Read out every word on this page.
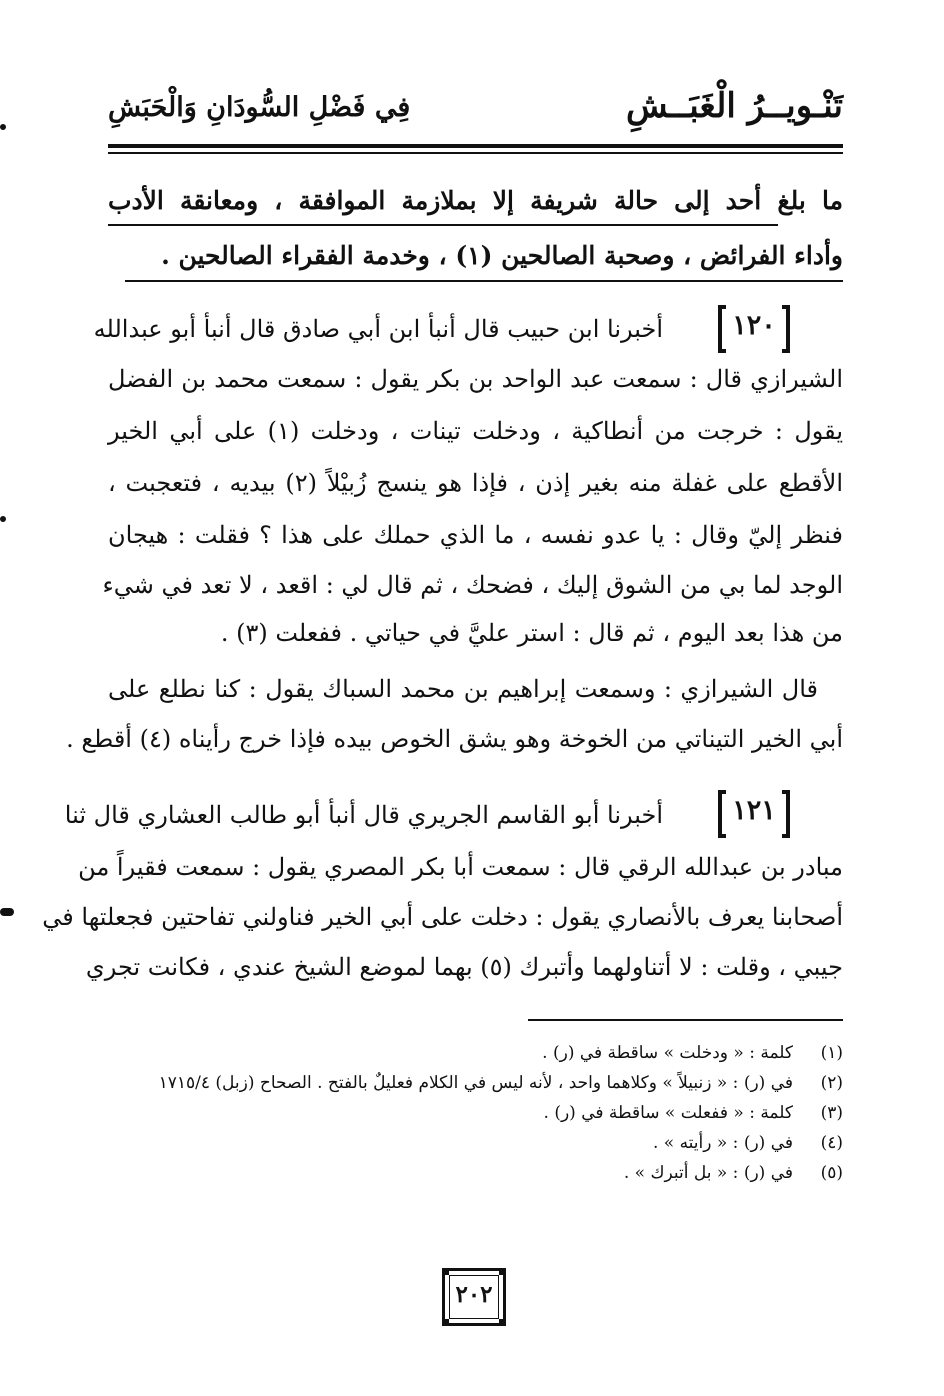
تَنْـويــرُ الْغَبَــشِ
فِي فَضْلِ السُّودَانِ وَالْحَبَشِ
ما بلغ أحد إلى حالة شريفة إلا بملازمة الموافقة ، ومعانقة الأدب
وأداء الفرائض ، وصحبة الصالحين (١) ، وخدمة الفقراء الصالحين .
١٢٠
أخبرنا ابن حبيب قال أنبأ ابن أبي صادق قال أنبأ أبو عبدالله
الشيرازي قال : سمعت عبد الواحد بن بكر يقول : سمعت محمد بن الفضل
يقول : خرجت من أنطاكية ، ودخلت تينات ، ودخلت (١) على أبي الخير
الأقطع على غفلة منه بغير إذن ، فإذا هو ينسج زُبيْلاً (٢) بيديه ، فتعجبت ،
فنظر إليّ وقال : يا عدو نفسه ، ما الذي حملك على هذا ؟ فقلت : هيجان
الوجد لما بي من الشوق إليك ، فضحك ، ثم قال لي : اقعد ، لا تعد في شيء
من هذا بعد اليوم ، ثم قال : استر عليَّ في حياتي . ففعلت (٣) .
قال الشيرازي : وسمعت إبراهيم بن محمد السباك يقول : كنا نطلع على
أبي الخير التيناتي من الخوخة وهو يشق الخوص بيده فإذا خرج رأيناه (٤) أقطع .
١٢١
أخبرنا أبو القاسم الجريري قال أنبأ أبو طالب العشاري قال ثنا
مبادر بن عبدالله الرقي قال : سمعت أبا بكر المصري يقول : سمعت فقيراً من
أصحابنا يعرف بالأنصاري يقول : دخلت على أبي الخير فناولني تفاحتين فجعلتها في
جيبي ، وقلت : لا أتناولهما وأتبرك (٥) بهما لموضع الشيخ عندي ، فكانت تجري
(١)
كلمة : « ودخلت » ساقطة في (ر) .
(٢)
في (ر) : « زنبيلاً » وكلاهما واحد ، لأنه ليس في الكلام فعليلٌ بالفتح . الصحاح (زبل) ١٧١٥/٤
(٣)
كلمة : « ففعلت » ساقطة في (ر) .
(٤)
في (ر) : « رأيته » .
(٥)
في (ر) : « بل أتبرك » .
٢٠٢
